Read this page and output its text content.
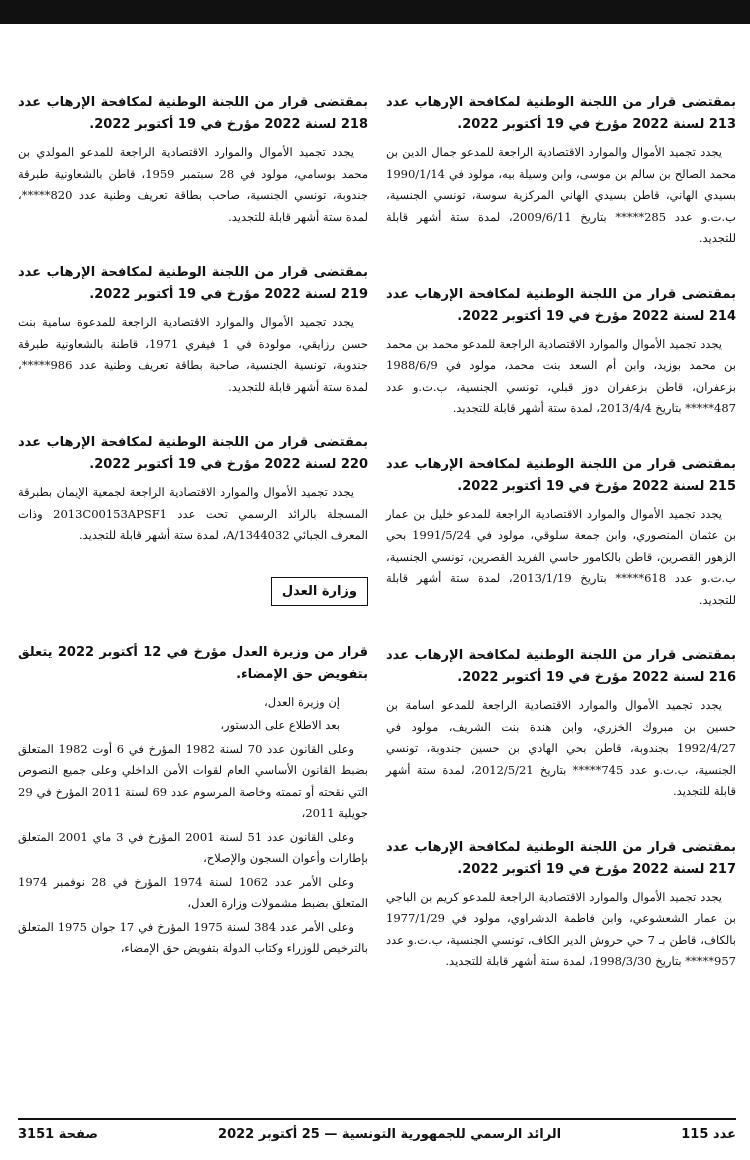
بمقتضى قرار من اللجنة الوطنية لمكافحة الإرهاب عدد 213 لسنة 2022 مؤرخ في 19 أكتوبر 2022.

يجدد تجميد الأموال والموارد الاقتصادية الراجعة للمدعو جمال الدين بن محمد الصالح بن سالم بن موسى، وابن وسيلة بيه، مولود في 1990/1/14 بسيدي الهاني، قاطن بسيدي الهاني المركزية سوسة، تونسي الجنسية، ب.ت.و عدد 285***** بتاريخ 2009/6/11، لمدة ستة أشهر قابلة للتجديد.

بمقتضى قرار من اللجنة الوطنية لمكافحة الإرهاب عدد 214 لسنة 2022 مؤرخ في 19 أكتوبر 2022.

يجدد تجميد الأموال والموارد الاقتصادية الراجعة للمدعو محمد بن محمد بن محمد بوزيد، وابن أم السعد بنت محمد، مولود في 1988/6/9 بزعفران، قاطن بزعفران دوز قبلي، تونسي الجنسية، ب.ت.و عدد 487***** بتاريخ 2013/4/4، لمدة ستة أشهر قابلة للتجديد.

بمقتضى قرار من اللجنة الوطنية لمكافحة الإرهاب عدد 215 لسنة 2022 مؤرخ في 19 أكتوبر 2022.

يجدد تجميد الأموال والموارد الاقتصادية الراجعة للمدعو خليل بن عمار بن عثمان المنصوري، وابن جمعة سلوقي، مولود في 1991/5/24 بحي الزهور القصرين، قاطن بالكامور حاسي الفريد القصرين، تونسي الجنسية، ب.ت.و عدد 618***** بتاريخ 2013/1/19، لمدة ستة أشهر قابلة للتجديد.

بمقتضى قرار من اللجنة الوطنية لمكافحة الإرهاب عدد 216 لسنة 2022 مؤرخ في 19 أكتوبر 2022.

يجدد تجميد الأموال والموارد الاقتصادية الراجعة للمدعو اسامة بن حسين بن مبروك الخزري، وابن هندة بنت الشريف، مولود في 1992/4/27 بجندوبة، قاطن بحي الهادي بن حسين جندوبة، تونسي الجنسية، ب.ت.و عدد 745***** بتاريخ 2012/5/21، لمدة ستة أشهر قابلة للتجديد.

بمقتضى قرار من اللجنة الوطنية لمكافحة الإرهاب عدد 217 لسنة 2022 مؤرخ في 19 أكتوبر 2022.

يجدد تجميد الأموال والموارد الاقتصادية الراجعة للمدعو كريم بن الباجي بن عمار الشعشوعي، وابن فاطمة الدشراوي، مولود في 1977/1/29 بالكاف، قاطن بـ 7 حي حروش الدير الكاف، تونسي الجنسية، ب.ت.و عدد 957***** بتاريخ 1998/3/30، لمدة ستة أشهر قابلة للتجديد.

بمقتضى قرار من اللجنة الوطنية لمكافحة الإرهاب عدد 218 لسنة 2022 مؤرخ في 19 أكتوبر 2022.

يجدد تجميد الأموال والموارد الاقتصادية الراجعة للمدعو المولدي بن محمد بوسامي، مولود في 28 سبتمبر 1959، قاطن بالشعاونية طبرقة جندوبة، تونسي الجنسية، صاحب بطاقة تعريف وطنية عدد 820*****، لمدة ستة أشهر قابلة للتجديد.

بمقتضى قرار من اللجنة الوطنية لمكافحة الإرهاب عدد 219 لسنة 2022 مؤرخ في 19 أكتوبر 2022.

يجدد تجميد الأموال والموارد الاقتصادية الراجعة للمدعوة سامية بنت حسن رزايقي، مولودة في 1 فيفري 1971، قاطنة بالشعاونية طبرقة جندوبة، تونسية الجنسية، صاحبة بطاقة تعريف وطنية عدد 986*****، لمدة ستة أشهر قابلة للتجديد.

بمقتضى قرار من اللجنة الوطنية لمكافحة الإرهاب عدد 220 لسنة 2022 مؤرخ في 19 أكتوبر 2022.

يجدد تجميد الأموال والموارد الاقتصادية الراجعة لجمعية الإيمان بطبرقة المسجلة بالرائد الرسمي تحت عدد 2013C00153APSF1 وذات المعرف الجبائي A/1344032، لمدة ستة أشهر قابلة للتجديد.

وزارة العدل

قرار من وزيرة العدل مؤرخ في 12 أكتوبر 2022 يتعلق بتفويض حق الإمضاء.

إن وزيرة العدل،

بعد الاطلاع على الدستور،

وعلى القانون عدد 70 لسنة 1982 المؤرخ في 6 أوت 1982 المتعلق بضبط القانون الأساسي العام لقوات الأمن الداخلي وعلى جميع النصوص التي نقحته أو تممته وخاصة المرسوم عدد 69 لسنة 2011 المؤرخ في 29 جويلية 2011،

وعلى القانون عدد 51 لسنة 2001 المؤرخ في 3 ماي 2001 المتعلق بإطارات وأعوان السجون والإصلاح،

وعلى الأمر عدد 1062 لسنة 1974 المؤرخ في 28 نوفمبر 1974 المتعلق بضبط مشمولات وزارة العدل،

وعلى الأمر عدد 384 لسنة 1975 المؤرخ في 17 جوان 1975 المتعلق بالترخيص للوزراء وكتاب الدولة بتفويض حق الإمضاء،

عدد 115
الرائد الرسمي للجمهورية التونسية — 25 أكتوبر 2022
صفحة 3151
